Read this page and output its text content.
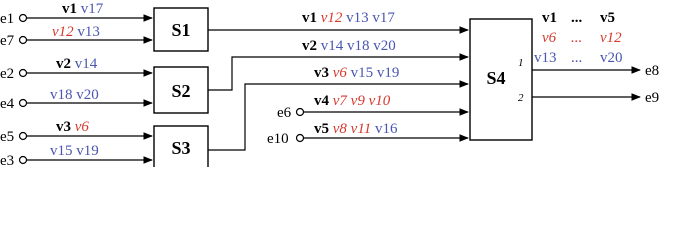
e1
e7
e2
e4
e5
e3
e6
e10
v1 v17
v12 v13
v2 v14
v18 v20
v3 v6
v15 v19
S1
S2
S3
S4
1
2
v1 v12 v13 v17
v2 v14 v18 v20
v3 v6 v15 v19
v4 v7 v9 v10
v5 v8 v11 v16
e8
e9
v1 ... v5
v6 ... v12
v13 ... v20
